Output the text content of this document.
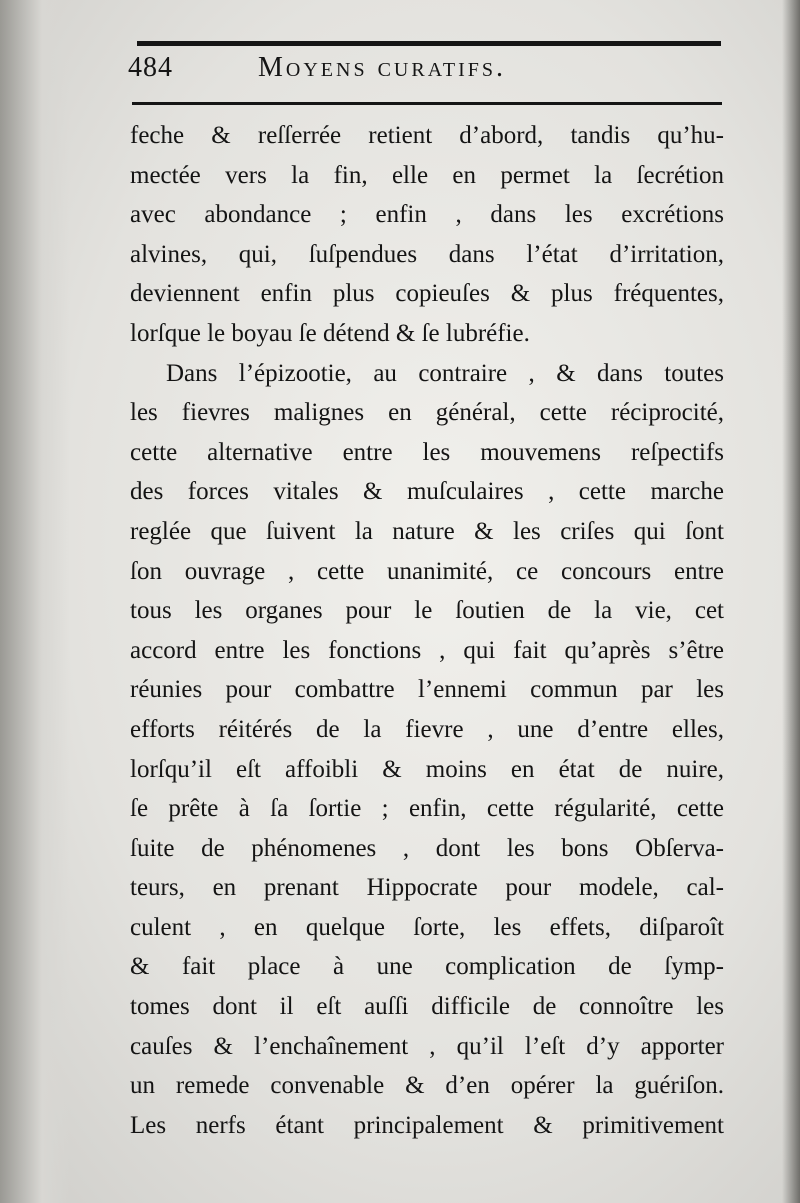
484	Moyens curatifs.
feche & reſſerrée retient d’abord, tandis qu’hu-
mectée vers la fin, elle en permet la ſecrétion
avec abondance ; enfin , dans les excrétions
alvines, qui, ſuſpendues dans l’état d’irritation,
deviennent enfin plus copieuſes & plus fréquentes,
lorſque le boyau ſe détend & ſe lubréfie.
Dans l’épizootie, au contraire , & dans toutes
les fievres malignes en général, cette réciprocité,
cette alternative entre les mouvemens reſpectifs
des forces vitales & muſculaires , cette marche
reglée que ſuivent la nature & les criſes qui ſont
ſon ouvrage , cette unanimité, ce concours entre
tous les organes pour le ſoutien de la vie, cet
accord entre les fonctions , qui fait qu’après s’être
réunies pour combattre l’ennemi commun par les
efforts réitérés de la fievre , une d’entre elles,
lorſqu’il eſt affoibli & moins en état de nuire,
ſe prête à ſa ſortie ; enfin, cette régularité, cette
ſuite de phénomenes , dont les bons Obſerva-
teurs, en prenant Hippocrate pour modele, cal-
culent , en quelque ſorte, les effets, diſparoît
& fait place à une complication de ſymp-
tomes dont il eſt auſſi difficile de connoître les
cauſes & l’enchaînement , qu’il l’eſt d’y apporter
un remede convenable & d’en opérer la guériſon.
Les nerfs étant principalement & primitivement
